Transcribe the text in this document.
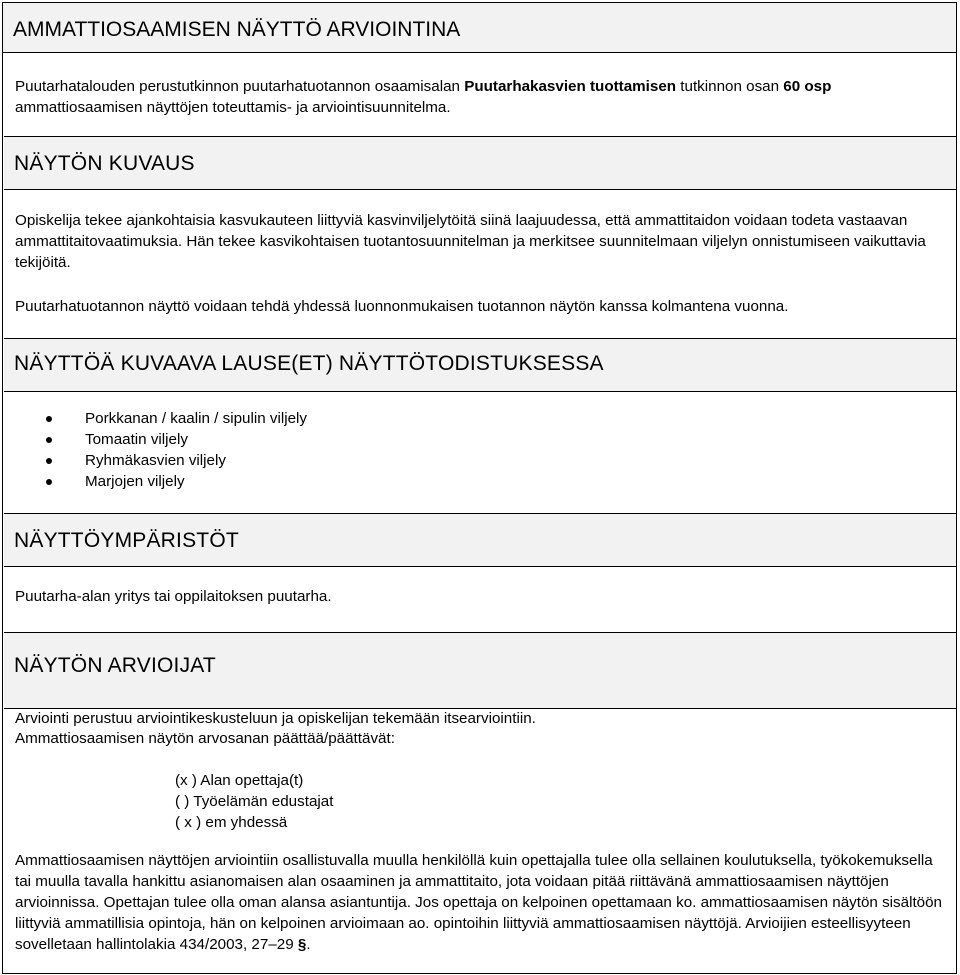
AMMATTIOSAAMISEN NÄYTTÖ ARVIOINTINA
Puutarhatalouden perustutkinnon puutarhatuotannon osaamisalan Puutarhakasvien tuottamisen tutkinnon osan 60 osp ammattiosaamisen näyttöjen toteuttamis- ja arviointisuunnitelma.
NÄYTÖN KUVAUS
Opiskelija tekee ajankohtaisia kasvukauteen liittyviä kasvinviljelytöitä siinä laajuudessa, että ammattitaidon voidaan todeta vastaavan ammattitaitovaatimuksia. Hän tekee kasvikohtaisen tuotantosuunnitelman ja merkitsee suunnitelmaan viljelyn onnistumiseen vaikuttavia tekijöitä.
Puutarhatuotannon näyttö voidaan tehdä yhdessä luonnonmukaisen tuotannon näytön kanssa kolmantena vuonna.
NÄYTTÖÄ KUVAAVA LAUSE(ET) NÄYTTÖTODISTUKSESSA
Porkkanan / kaalin / sipulin viljely
Tomaatin viljely
Ryhmäkasvien viljely
Marjojen viljely
NÄYTTÖYMPÄRISTÖT
Puutarha-alan yritys tai oppilaitoksen puutarha.
NÄYTÖN ARVIOIJAT
Arviointi perustuu arviointikeskusteluun ja opiskelijan tekemään itsearviointiin.
Ammattiosaamisen näytön arvosanan päättää/päättävät:
(x ) Alan opettaja(t)
( ) Työelämän edustajat
( x ) em yhdessä
Ammattiosaamisen näyttöjen arviointiin osallistuvalla muulla henkilöllä kuin opettajalla tulee olla sellainen koulutuksella, työkokemuksella tai muulla tavalla hankittu asianomaisen alan osaaminen ja ammattitaito, jota voidaan pitää riittävänä ammattiosaamisen näyttöjen arvioinnissa. Opettajan tulee olla oman alansa asiantuntija. Jos opettaja on kelpoinen opettamaan ko. ammattiosaamisen näytön sisältöön liittyviä ammatillisia opintoja, hän on kelpoinen arvioimaan ao. opintoihin liittyviä ammattiosaamisen näyttöjä. Arvioijien esteellisyyteen sovelletaan hallintolakia 434/2003, 27–29 §.
